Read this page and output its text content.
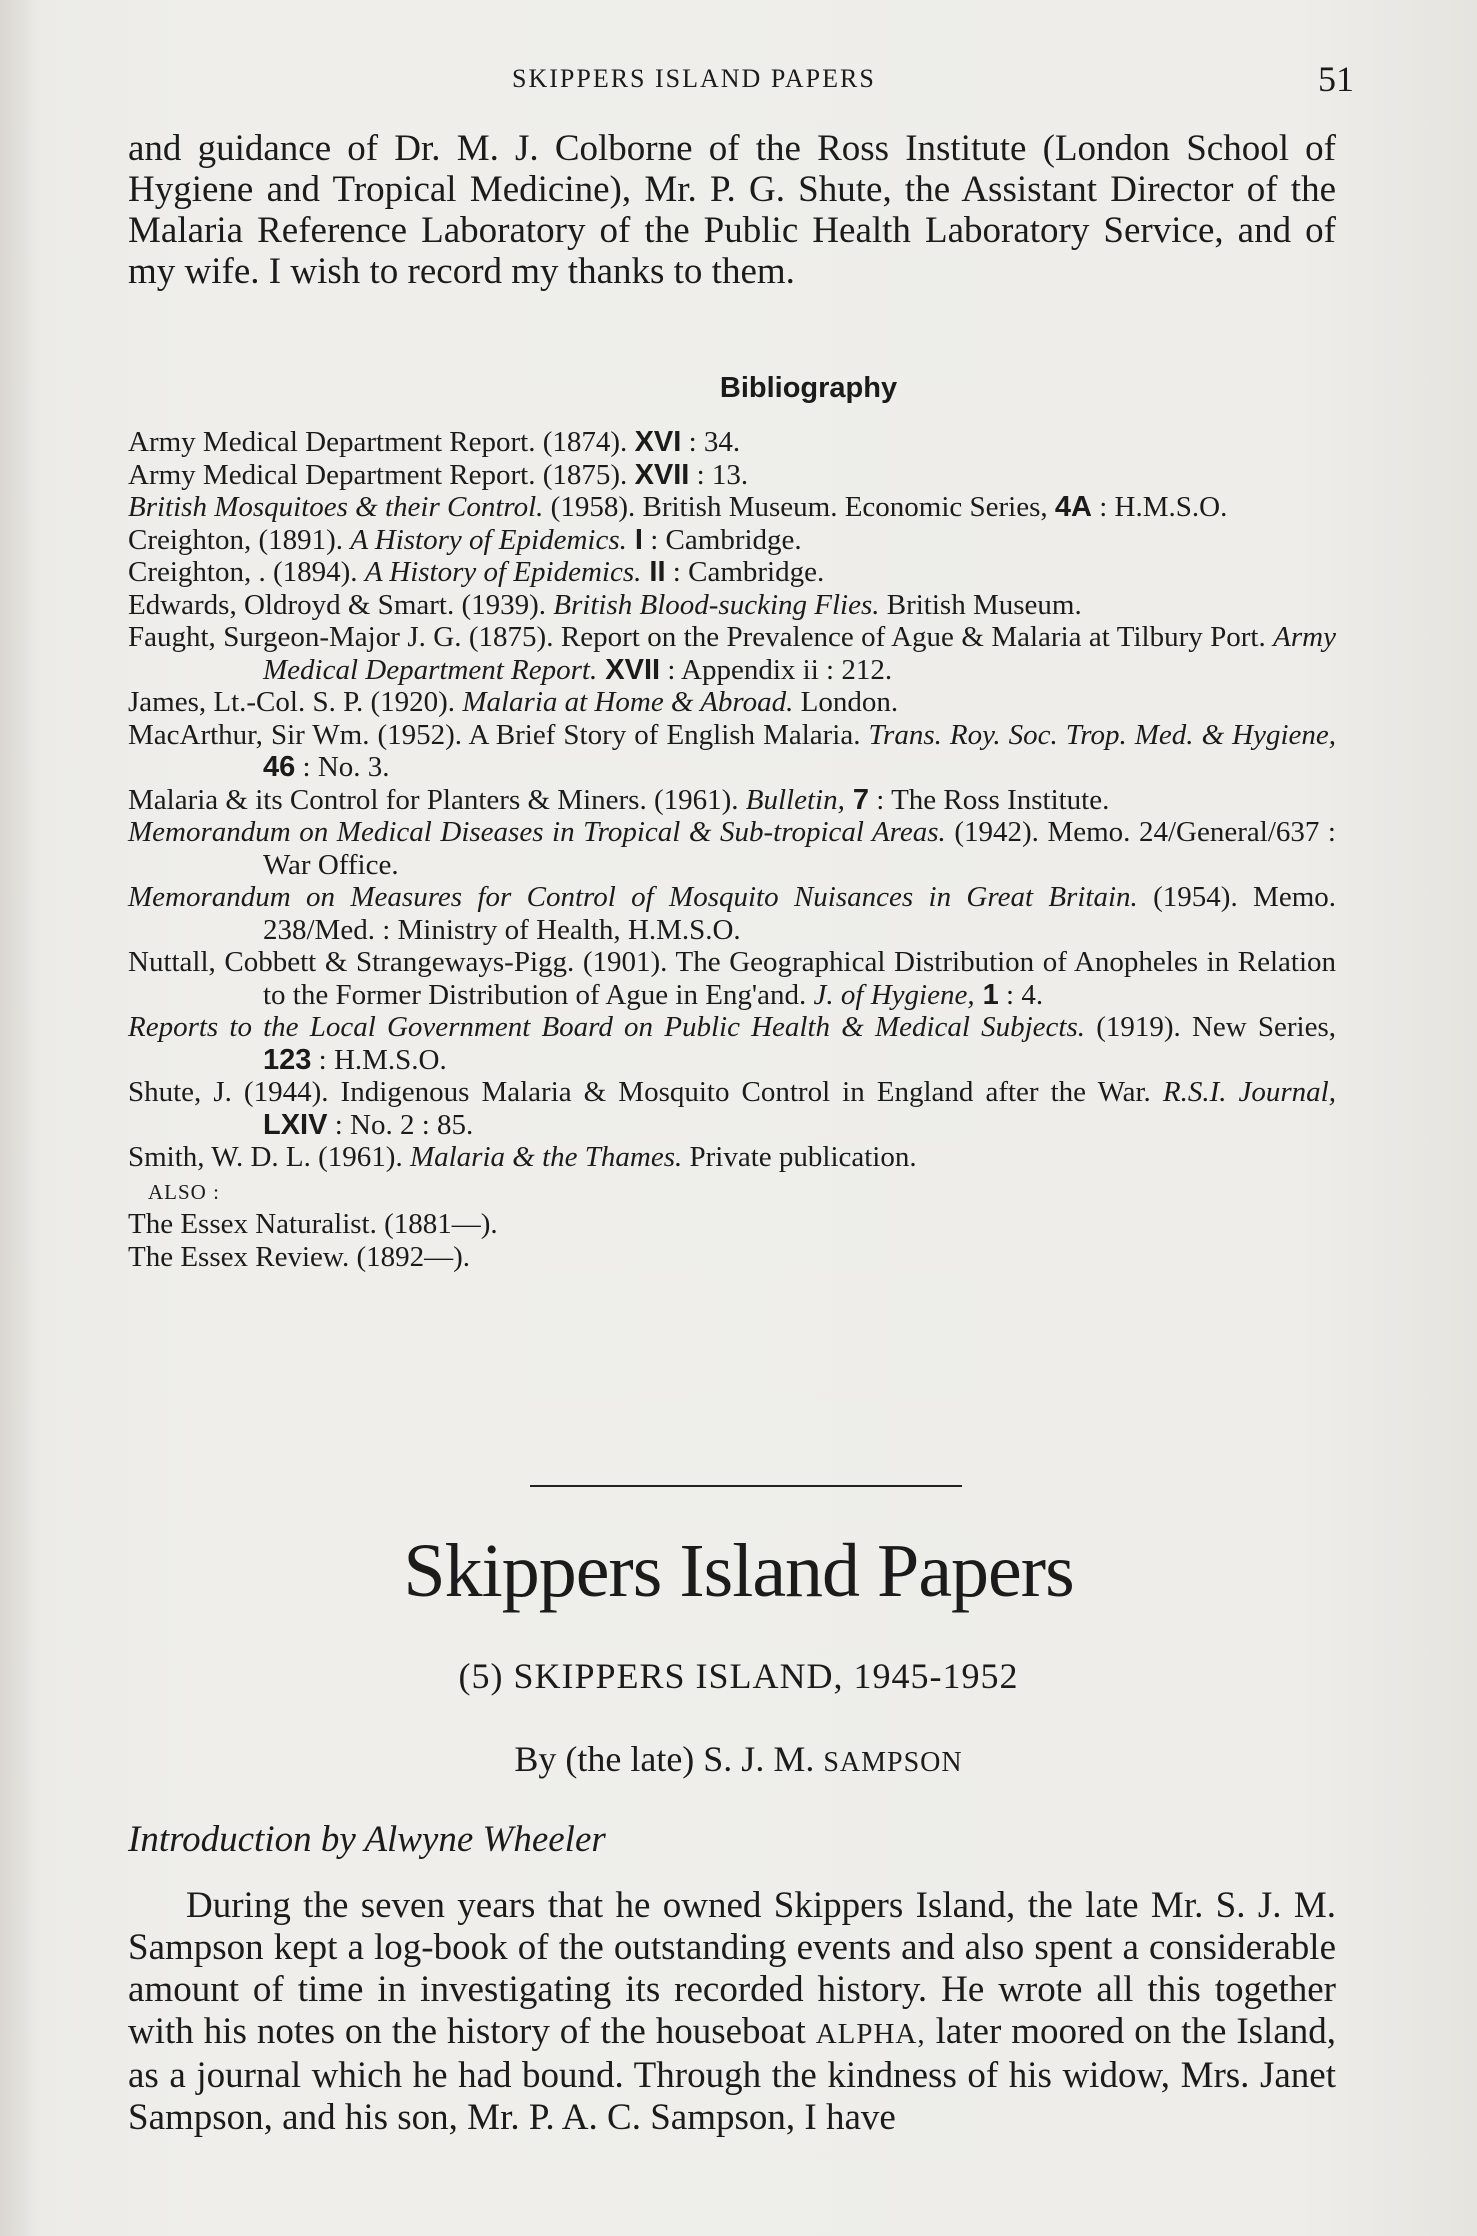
SKIPPERS ISLAND PAPERS	51

and guidance of Dr. M. J. Colborne of the Ross Institute (London School of Hygiene and Tropical Medicine), Mr. P. G. Shute, the Assistant Director of the Malaria Reference Laboratory of the Public Health Laboratory Service, and of my wife. I wish to record my thanks to them.

Bibliography

Army Medical Department Report. (1874). XVI : 34.

Army Medical Department Report. (1875). XVII : 13.

British Mosquitoes & their Control. (1958). British Museum. Economic Series, 4A : H.M.S.O.

Creighton, (1891). A History of Epidemics. I : Cambridge.

Creighton, . (1894). A History of Epidemics. II : Cambridge.

Edwards, Oldroyd & Smart. (1939). British Blood-sucking Flies. British Museum.

Faught, Surgeon-Major J. G. (1875). Report on the Prevalence of Ague & Malaria at Tilbury Port. Army Medical Department Report. XVII : Appendix ii : 212.

James, Lt.-Col. S. P. (1920). Malaria at Home & Abroad. London.

MacArthur, Sir Wm. (1952). A Brief Story of English Malaria. Trans. Roy. Soc. Trop. Med. & Hygiene, 46 : No. 3.

Malaria & its Control for Planters & Miners. (1961). Bulletin, 7 : The Ross Institute.

Memorandum on Medical Diseases in Tropical & Sub-tropical Areas. (1942). Memo. 24/General/637 : War Office.

Memorandum on Measures for Control of Mosquito Nuisances in Great Britain. (1954). Memo. 238/Med. : Ministry of Health, H.M.S.O.

Nuttall, Cobbett & Strangeways-Pigg. (1901). The Geographical Distribution of Anopheles in Relation to the Former Distribution of Ague in Eng'and. J. of Hygiene, 1 : 4.

Reports to the Local Government Board on Public Health & Medical Subjects. (1919). New Series, 123 : H.M.S.O.

Shute, J. (1944). Indigenous Malaria & Mosquito Control in England after the War. R.S.I. Journal, LXIV : No. 2 : 85.

Smith, W. D. L. (1961). Malaria & the Thames. Private publication.

ALSO :

The Essex Naturalist. (1881—).

The Essex Review. (1892—).

Skippers Island Papers
(5) SKIPPERS ISLAND, 1945-1952
By (the late) S. J. M. SAMPSON
Introduction by Alwyne Wheeler

During the seven years that he owned Skippers Island, the late Mr. S. J. M. Sampson kept a log-book of the outstanding events and also spent a considerable amount of time in investigating its recorded history. He wrote all this together with his notes on the history of the houseboat ALPHA, later moored on the Island, as a journal which he had bound. Through the kindness of his widow, Mrs. Janet Sampson, and his son, Mr. P. A. C. Sampson, I have
